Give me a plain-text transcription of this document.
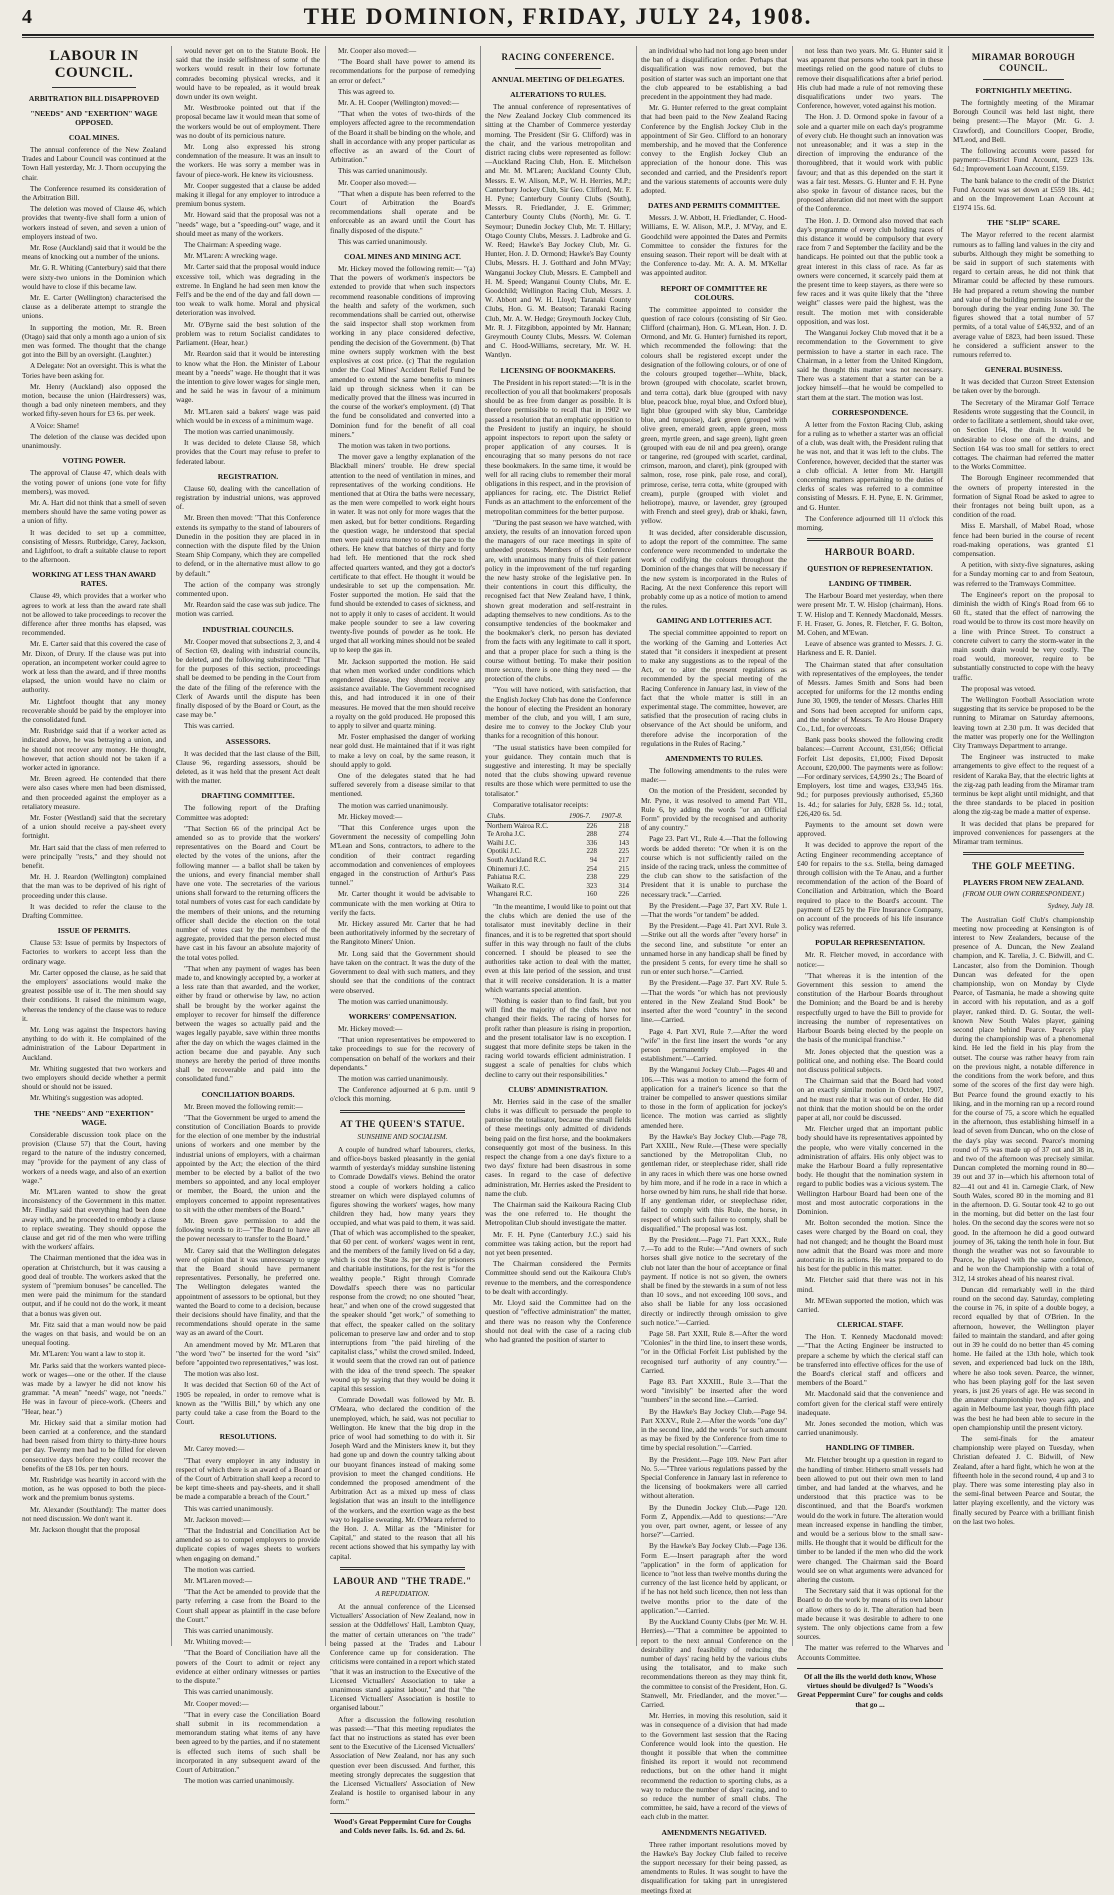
4	THE DOMINION, FRIDAY, JULY 24, 1908.
LABOUR IN COUNCIL.
ARBITRATION BILL DISAPPROVED
"NEEDS" AND "EXERTION" WAGE OPPOSED.
COAL MINES.

The annual conference of the New Zealand Trades and Labour Council was continued at the Town Hall yesterday, Mr. J. Thorn occupying the chair.

The Conference resumed its consideration of the Arbitration Bill.

The deletion was moved of Clause 46, which provides that twenty-five shall form a union of workers instead of seven, and seven a union of employers instead of two.

Mr. Rose (Auckland) said that it would be the means of knocking out a number of the unions.

Mr. G. R. Whiting (Canterbury) said that there were sixty-two unions in the Dominion which would have to close if this became law.

Mr. E. Carter (Wellington) characterised the clause as a deliberate attempt to strangle the unions.

In supporting the motion, Mr. R. Breen (Otago) said that only a month ago a union of six men was formed. The thought that the change got into the Bill by an oversight. (Laughter.)

A Delegate: Not an oversight. This is what the Tories have been asking for.

Mr. Henry (Auckland) also opposed the motion, because the union (Hairdressers) was, though a bad only nineteen members, and they worked fifty-seven hours for £3 6s. per week.

A Voice: Shame!

The deletion of the clause was decided upon unanimously.

VOTING POWER.

The approval of Clause 47, which deals with the voting power of unions (one vote for fifty members), was moved.

Mr. A. Hart did not think that a smell of seven members should have the same voting power as a union of fifty.

It was decided to set up a committee, consisting of Messrs. Rutbridge, Carey, Jackson, and Lightfoot, to draft a suitable clause to report to the afternoon.

WORKING AT LESS THAN AWARD RATES.

Clause 49, which provides that a worker who agrees to work at less than the award rate shall not be allowed to take proceedings to recover the difference after three months has elapsed, was recommended.

Mr. E. Carter said that this covered the case of Mr. Dixon, of Drury. If the clause was put into operation, an incompetent worker could agree to work at less than the award, and if three months elapsed, the union would have no claim or authority.

Mr. Lightfoot thought that any money recoverable should be paid by the employer into the consolidated fund.

Mr. Rusbridge said that if a worker acted as indicated above, he was betraying a union, and he should not recover any money. He thought, however, that action should not be taken if a worker acted in ignorance.

Mr. Breen agreed. He contended that there were also cases where men had been dismissed, and then proceeded against the employer as a retaliatory measure.

Mr. Foster (Westland) said that the secretary of a union should receive a pay-sheet every fortnight.

Mr. Hart said that the class of men referred to were principally "rests," and they should not benefit.

Mr. H. J. Reardon (Wellington) complained that the man was to be deprived of his right of proceeding under this clause.

It was decided to refer the clause to the Drafting Committee.

ISSUE OF PERMITS.

Clause 53: Issue of permits by Inspectors of Factories to workers to accept less than the ordinary wage.

Mr. Carter opposed the clause, as he said that the employers' associations would make the greatest possible use of it. The men should say their conditions. It raised the minimum wage, whereas the tendency of the clause was to reduce it.

Mr. Long was against the Inspectors having anything to do with it. He complained of the administration of the Labour Department in Auckland.

Mr. Whiting suggested that two workers and two employers should decide whether a permit should or should not be issued.

Mr. Whiting's suggestion was adopted.

THE "NEEDS" AND "EXERTION" WAGE.

Considerable discussion took place on the provision (Clause 57) that the Court, having regard to the nature of the industry concerned, may "provide for the payment of any class of workers of a needs wage, and also of an exertion wage."

Mr. M'Laren wanted to show the great inconsistency of the Government in this matter. Mr. Findlay said that everything had been done away with, and he proceeded to embody a clause to replace sweating. They should oppose the clause and get rid of the men who were trifling with the workers' affairs.

The Chairman mentioned that the idea was in operation at Christchurch, but it was causing a good deal of trouble. The workers asked that the system of "premium bonuses" be cancelled. The men were paid the minimum for the standard output, and if he could not do the work, it meant that a bonus was given out.

Mr. Fitz said that a man would now be paid the wages on that basis, and would be on an unequal footing.

Mr. M'Laren: You want a law to stop it.

Mr. Parks said that the workers wanted piece-work or wages—one or the other. If the clause was made by a lawyer he did not know his grammar. "A mean" "needs" wage, not "needs." He was in favour of piece-work. (Cheers and "Hear, hear.")

Mr. Hickey said that a similar motion had been carried at a conference, and the standard had been raised from thirty to thirty-three hours per day. Twenty men had to be filled for eleven consecutive days before they could recover the benefits of the £8 10s. per ten hours.

Mr. Rusbridge was heartily in accord with the motion, as he was opposed to both the piece-work and the premium bonus systems.

Mr. Alexander (Southland): The matter does not need discussion. We don't want it.

Mr. Jackson thought that the proposal

would never get on to the Statute Book. He said that the inside selfishness of some of the workers would result in their low fortunate comrades becoming physical wrecks, and it would have to be repealed, as it would break down under its own weight.

Mr. Westbrooke pointed out that if the proposal became law it would mean that some of the workers would be out of employment. There was no doubt of its pernicious nature.

Mr. Long also expressed his strong condemnation of the measure. It was an insult to the workers. He was sorry a member was in favour of piece-work. He knew its viciousness.

Mr. Cooper suggested that a clause be added making it illegal for any employer to introduce a premium bonus system.

Mr. Howard said that the proposal was not a "needs" wage, but a "speeding-out" wage, and it should meet as many of the workers.

The Chairman: A speeding wage.

Mr. M'Laren: A wrecking wage.

Mr. Carter said that the proposal would induce excessive toil, which was degrading in the extreme. In England he had seen men know the Fell's and be the end of the day and fall down — too weak to walk home. Moral and physical deterioration was involved.

Mr. O'Byrne said the best solution of the problem was to return Socialist candidates to Parliament. (Hear, hear.)

Mr. Reardon said that it would be interesting to know what the Hon. the Minister of Labour meant by a "needs" wage. He thought that it was the intention to give lower wages for single men, and he said he was in favour of a minimum wage.

Mr. M'Laren said a bakers' wage was paid which would be in excess of a minimum wage.

The motion was carried unanimously.

It was decided to delete Clause 58, which provides that the Court may refuse to prefer to federated labour.

REGISTRATION.

Clause 60, dealing with the cancellation of registration by industrial unions, was approved of.

Mr. Breen then moved: "That this Conference extends its sympathy to the stand of labourers of Dunedin in the position they are placed in in connection with the dispute filed by the Union Steam Ship Company, which they are compelled to defend, or in the alternative must allow to go by default."

The action of the company was strongly commented upon.

Mr. Reardon said the case was sub judice. The motion was carried.

INDUSTRIAL COUNCILS.

Mr. Cooper moved that subsections 2, 3, and 4 of Section 69, dealing with industrial councils, be deleted, and the following substituted: "That for the purposes of this section, proceedings shall be deemed to be pending in the Court from the date of the filing of the reference with the Clerk of Awards until the dispute has been finally disposed of by the Board or Court, as the case may be."

This was carried.

ASSESSORS.

It was decided that the last clause of the Bill, Clause 96, regarding assessors, should be deleted, as it was held that the present Act dealt with the matter.

DRAFTING COMMITTEE.

The following report of the Drafting Committee was adopted:

"That Section 66 of the principal Act be amended so as to provide that the workers' representatives on the Board and Court be elected by the votes of the unions, after the following manner — a ballot shall be taken by the unions, and every financial member shall have one vote. The secretaries of the various unions shall forward to the returning officers the total numbers of votes cast for each candidate by the members of their unions, and the returning officer shall decide the election on the total number of votes cast by the members of the aggregate, provided that the person elected must have cast in his favour an absolute majority of the total votes polled.

"That when any payment of wages has been made to, and knowingly accepted by, a worker at a less rate than that awarded, and the worker, either by fraud or otherwise by law, no action shall be brought by the worker against the employer to recover for himself the difference between the wages so actually paid and the wages legally payable, save within three months after the day on which the wages claimed in the action became due and payable. Any such moneys are hereby the period of three months shall be recoverable and paid into the consolidated fund."

CONCILIATION BOARDS.

Mr. Breen moved the following remit:—

"That the Government be urged to amend the constitution of Conciliation Boards to provide for the election of one member by the industrial unions of workers and one member by the industrial unions of employers, with a chairman appointed by the Act; the election of the third member to be elected by a ballot of the two members so appointed, and any local employer or member, the Board, the union and the employers concerned to appoint representatives to sit with the other members of the Board."

Mr. Breen gave permission to add the following words to it:—"The Board to have all the power necessary to transfer to the Board."

Mr. Carey said that the Wellington delegates were of opinion that it was unnecessary to urge that the Board should have permanent representatives. Personally, he preferred one. The Wellington delegates wanted the appointment of assessors to be optional, but they wanted the Board to come to a decision, because their decisions should have finality, and that the recommendations should operate in the same way as an award of the Court.

An amendment moved by Mr. M'Laren that "the word 'two'" be inserted for the word "six" before "appointed two representatives," was lost.

The motion was also lost.

It was decided that Section 60 of the Act of 1905 be repealed, in order to remove what is known as the "Willis Bill," by which any one party could take a case from the Board to the Court.

RESOLUTIONS.

Mr. Carey moved:—

"That every employer in any industry in respect of which there is an award of a Board or of the Court of Arbitration shall keep a record to be kept time-sheets and pay-sheets, and it shall be made a comparable a breach of the Court."

This was carried unanimously.

Mr. Jackson moved:—

"That the Industrial and Conciliation Act be amended so as to compel employers to provide duplicate copies of wages sheets to workers when engaging on demand."

The motion was carried.

Mr. M'Laren moved:—

"That the Act be amended to provide that the party referring a case from the Board to the Court shall appear as plaintiff in the case before the Court."

This was carried unanimously.

Mr. Whiting moved:—

"That the Board of Conciliation have all the powers of the Court to admit or reject any evidence at either ordinary witnesses or parties to the dispute."

This was carried unanimously.

Mr. Cooper moved:—

"That in every case the Conciliation Board shall submit in its recommendation a memorandum stating what items of any have been agreed to by the parties, and if no statement is effected such items of such shall be incorporated in any subsequent award of the Court of Arbitration."

The motion was carried unanimously.

Mr. Cooper also moved:—

"The Board shall have power to amend its recommendations for the purpose of remedying an error or defect."

This was agreed to.

Mr. A. H. Cooper (Wellington) moved:—

"That when the votes of two-thirds of the employers affected agree to the recommendation of the Board it shall be binding on the whole, and shall in accordance with any proper particular as effective as an award of the Court of Arbitration."

This was carried unanimously.

Mr. Cooper also moved:—

"That when a dispute has been referred to the Court of Arbitration the Board's recommendations shall operate and be enforceable as an award until the Court has finally disposed of the dispute."

This was carried unanimously.

COAL MINES AND MINING ACT.

Mr. Hickey moved the following remit:— "(a) That the powers of workmen's inspectors be extended to provide that when such inspectors recommend reasonable conditions of improving the health and safety of the workmen, such recommendations shall be carried out, otherwise the said inspector shall stop workmen from working in any place considered defective, pending the decision of the Government. (b) That mine owners supply workmen with the best explosives at cost price. (c) That the regulation under the Coal Mines' Accident Relief Fund be amended to extend the same benefits to miners laid up through sickness when it can be medically proved that the illness was incurred in the course of the worker's employment. (d) That the fund be consolidated and converted into a Dominion fund for the benefit of all coal miners."

The motion was taken in two portions.

The mover gave a lengthy explanation of the Blackball miners' trouble. He drew special attention to the need of ventilation in mines, and representatives of the working conditions. He mentioned that at Otira the baths were necessary, as the men were compelled to work eight hours in water. It was not only for more wages that the men asked, but for better conditions. Regarding the question wage, he understood that special men were paid extra money to set the pace to the others. He knew that batches of thirty and forty had left. He mentioned that the rock shed affected quarters wanted, and they got a doctor's certificate to that effect. He thought it would be undesirable to set up the compensation. Mr. Foster supported the motion. He said that the fund should be extended to cases of sickness, and not to apply it only to cases of accident. It would make people sounder to see a law covering twenty-five pounds of powder as he took. He urged that all working mines should not be sealed up to keep the gas in.

Mr. Jackson supported the motion. He said that when men worked under conditions which engendered disease, they should receive any assistance available. The Government recognised this, and had introduced it in one of their measures. He moved that the men should receive a royalty on the gold produced. He proposed this to apply to silver and quartz mining.

Mr. Foster emphasised the danger of working near gold dust. He maintained that if it was right to make a levy on coal, by the same reason, it should apply to gold.

One of the delegates stated that he had suffered severely from a disease similar to that mentioned.

The motion was carried unanimously.

Mr. Hickey moved:—

"That this Conference urges upon the Government the necessity of compelling John M'Lean and Sons, contractors, to adhere to the condition of their contract regarding accommodation and conveniences of employees engaged in the construction of Arthur's Pass tunnel."

Mr. Carter thought it would be advisable to communicate with the men working at Otira to verify the facts.

Mr. Hickey assured Mr. Carter that he had been authoritatively informed by the secretary of the Rangitoto Miners' Union.

Mr. Long said that the Government should have taken on the contract. It was the duty of the Government to deal with such matters, and they should see that the conditions of the contract were observed.

The motion was carried unanimously.

WORKERS' COMPENSATION.

Mr. Hickey moved:—

"That union representatives be empowered to take proceedings to sue for the recovery of compensation on behalf of the workers and their dependants."

The motion was carried unanimously.

The Conference adjourned at 6 p.m. until 9 o'clock this morning.

AT THE QUEEN'S STATUE.
SUNSHINE AND SOCIALISM.

A couple of hundred wharf labourers, clerks, and office-boys basked pleasantly in the genial warmth of yesterday's midday sunshine listening to Comrade Dowdall's views. Behind the orator stood a couple of workers holding a calico streamer on which were displayed columns of figures showing the workers' wages, how many children they had, how many years they occupied, and what was paid to them, it was said. (That of which was accomplished to the speaker, that 60 per cent. of workers' wages went in rent, and the members of the family lived on 6d a day, which is cost the State 3s. per day for prisoners and charitable institutions, for the rest is "for the wealthy people." Right through Comrade Dowdall's speech there was no particular response from the crowd; no one shouted "hear, hear," and when one of the crowd suggested that the speaker should "get work," of something to that effect, the speaker called on the solitary policeman to preserve law and order and to stop interruptions from "the paid hireling of the capitalist class," whilst the crowd smiled. Indeed, it would seem that the crowd ran out of patience with the idea of the trend speech. The speaker wound up by saying that they would be doing it capital this session.

Comrade Dowdall was followed by Mr. B. O'Meara, who declared the condition of the unemployed, which, he said, was not peculiar to Wellington. He knew that the big drop in the price of wool had something to do with it. Sir Joseph Ward and the Ministers knew it, but they had gone up and down the country talking about our buoyant finances instead of making some provision to meet the changed conditions. He condemned the proposed amendment of the Arbitration Act as a mixed up mess of class legislation that was an insult to the intelligence of the workers, and the exertion wage as the best way to legalise sweating. Mr. O'Meara referred to the Hon. J. A. Millar as the "Minister for Capital," and stated to the reason that all his recent actions showed that his sympathy lay with capital.

LABOUR AND "THE TRADE."
A REPUDIATION.

At the annual conference of the Licensed Victuallers' Association of New Zealand, now in session at the Oddfellows' Hall, Lambton Quay, the matter of certain utterances on "the trade" being passed at the Trades and Labour Conference came up for consideration. The criticisms were contained in a report which stated "that it was an instruction to the Executive of the Licensed Victuallers' Association to take a unanimous stand against labour," and that "the Licensed Victuallers' Association is hostile to organised labour."

After a discussion the following resolution was passed:—"That this meeting repudiates the fact that no instructions as stated has ever been sent to the Executive of the Licensed Victuallers' Association of New Zealand, nor has any such question ever been discussed. And further, this meeting strongly deprecates the suggestion that the Licensed Victuallers' Association of New Zealand is hostile to organised labour in any form."

Wood's Great Peppermint Cure for Coughs and Colds never fails. 1s. 6d. and 2s. 6d.
RACING CONFERENCE.
ANNUAL MEETING OF DELEGATES.
ALTERATIONS TO RULES.

The annual conference of representatives of the New Zealand Jockey Club commenced its sitting at the Chamber of Commerce yesterday morning. The President (Sir G. Clifford) was in the chair, and the various metropolitan and district racing clubs were represented as follow:—Auckland Racing Club, Hon. E. Mitchelson and Mr. M. M'Laren; Auckland County Club, Messrs. E. W. Alison, M.P., W. H. Herries, M.P.; Canterbury Jockey Club, Sir Geo. Clifford, Mr. F. H. Pyne; Canterbury County Clubs (South), Messrs. R. Friedlander, J. E. Grimmer; Canterbury County Clubs (North), Mr. G. T. Seymour; Dunedin Jockey Club, Mr. T. Hillary; Otago County Clubs, Messrs. J. Ladbroke and G. W. Reed; Hawke's Bay Jockey Club, Mr. G. Hunter, Hon. J. D. Ormond; Hawke's Bay County Clubs, Messrs. H. J. Gotthard and John M'Vay; Wanganui Jockey Club, Messrs. E. Campbell and H. M. Speed; Wanganui County Clubs, Mr. E. Goodchild; Wellington Racing Club, Messrs. J. W. Abbott and W. H. Lloyd; Taranaki County Clubs, Hon. G. M. Beatson; Taranaki Racing Club, Mr. A. W. Hedge; Greymouth Jockey Club, Mr. R. J. Fitzgibbon, appointed by Mr. Hannan; Greymouth County Clubs, Messrs. W. Coleman and C. Hood-Williams, secretary, Mr. W. H. Wantlyn.

LICENSING OF BOOKMAKERS.

The President in his report stated:—"It is in the recollection of you all that bookmakers' proposals should be as free from danger as possible. It is therefore permissible to recall that in 1902 we passed a resolution that an emphatic opposition to the President to justify an inquiry, he should appoint inspectors to report upon the safety or proper application of any courses. It is encouraging that so many persons do not race these bookmakers. In the same time, it would be well for all racing clubs to remember their moral obligations in this respect, and in the provision of appliances for racing, etc. The District Relief Funds as an attachment to the enforcement of the metropolitan committees for the better purpose.

"During the past season we have watched, with anxiety, the results of an innovation forced upon the managers of our race meetings in spite of unheeded protests. Members of this Conference are, with unanimous many fruits of their patient policy in the improvement of the turf regarding the new hasty stroke of the legislative pen. In their contentions in court this difficulty, the recognised fact that New Zealand have, I think, shown great moderation and self-restraint in adapting themselves to new conditions. As to the consumptive tendencies of the bookmaker and the bookmaker's clerk, no person has deviated from the facts with any legitimate to call it sport, and that a proper place for such a thing is the course without betting. To make their position more secure, there is one thing they need — the protection of the clubs.

"You will have noticed, with satisfaction, that the English Jockey Club has done the Conference the honour of electing the President an honorary member of the club, and you will, I am sure, desire me to convey to the Jockey Club your thanks for a recognition of this honour.

"The usual statistics have been compiled for your guidance. They contain much that is suggestive and interesting. It may be specially noted that the clubs showing upward revenue results are those which were permitted to use the totalisator."

Comparative totalisator receipts:

Clubs.	1906-7.	1907-8.
Northern Wairoa R.C.	226	218
Te Aroha J.C.	288	274
Waihi J.C.	336	143
Opotiki J.C.	228	225
South Auckland R.C.	94	217
Ohinemuri J.C.	254	215
Pahiatua R.C.	238	229
Waikato R.C.	323	314
Whangarei R.C.	160	226

"In the meantime, I would like to point out that the clubs which are denied the use of the totalisator must inevitably decline in their finances, and it is to be regretted that sport should suffer in this way through no fault of the clubs concerned. I should be pleased to see the authorities take action to deal with the matter, even at this late period of the session, and trust that it will receive consideration. It is a matter which warrants special attention.

"Nothing is easier than to find fault, but you will find the majority of the clubs have not changed their fields. The racing of horses for profit rather than pleasure is rising in proportion, and the present totalisator law is no exception. I suggest that more definite steps be taken in the racing world towards efficient administration. I suggest a scale of penalties for clubs which decline to carry out their responsibilities."

CLUBS' ADMINISTRATION.

Mr. Herries said in the case of the smaller clubs it was difficult to persuade the people to patronise the totalisator, because the small fields of these meetings only admitted of dividends being paid on the first horse, and the bookmakers consequently got most of the business. In this respect the change from a one day's fixture to a two days' fixture had been disastrous in some cases. In regard to the case of defective administration, Mr. Herries asked the President to name the club.

The Chairman said the Kaikoura Racing Club was the one referred to. He thought the Metropolitan Club should investigate the matter.

Mr. F. H. Pyne (Canterbury J.C.) said his committee was taking action, but the report had not yet been presented.

The Chairman considered the Permits Committee should send out the Kaikoura Club's revenue to the members, and the correspondence to be dealt with accordingly.

Mr. Lloyd said the Committee had on the question of "effective administration" the matter, and there was no reason why the Conference should not deal with the case of a racing club who had granted the position of starter to

an individual who had not long ago been under the ban of a disqualification order. Perhaps that disqualification was now removed, but the position of starter was such an important one that the club appeared to be establishing a bad precedent in the appointment they had made.

Mr. G. Hunter referred to the great complaint that had been paid to the New Zealand Racing Conference by the English Jockey Club in the appointment of Sir Geo. Clifford to an honorary membership, and he moved that the Conference convey to the English Jockey Club an appreciation of the honour done. This was seconded and carried, and the President's report and the various statements of accounts were duly adopted.

DATES AND PERMITS COMMITTEE.

Messrs. J. W. Abbott, H. Friedlander, C. Hood-Williams, E. W. Alison, M.P., J. M'Vay, and E. Goodchild were appointed the Dates and Permits Committee to consider the fixtures for the ensuing season. Their report will be dealt with at the Conference to-day. Mr. A. A. M. M'Kellar was appointed auditor.

REPORT OF COMMITTEE RE COLOURS.

The committee appointed to consider the question of race colours (consisting of Sir Geo. Clifford (chairman), Hon. G. M'Lean, Hon. J. D. Ormond, and Mr. G. Hunter) furnished its report, which recommended the following: that the colours shall be registered except under the designation of the following colours, or of one of the colours grouped together—White, black, brown (grouped with chocolate, scarlet brown, and terra cotta), dark blue (grouped with navy blue, peacock blue, royal blue, and Oxford blue), light blue (grouped with sky blue, Cambridge blue, and turquoise), dark green (grouped with olive green, emerald green, apple green, moss green, myrtle green, and sage green), light green (grouped with eau de nil and pea green), orange or tangerine, red (grouped with scarlet, cardinal, crimson, maroon, and claret), pink (grouped with salmon, rose, rose pink, pale rose, and coral), primrose, cerise, terra cotta, white (grouped with cream), purple (grouped with violet and heliotrope), mauve, or lavender, grey (grouped with French and steel grey), drab or khaki, fawn, yellow.

It was decided, after considerable discussion, to adopt the report of the committee. The same conference were recommended to undertake the work of codifying the colours throughout the Dominion of the changes that will be necessary if the new system is incorporated in the Rules of Racing. At the next Conference this report will probably come up as a notice of motion to amend the rules.

GAMING AND LOTTERIES ACT.

The special committee appointed to report on the working of the Gaming and Lotteries Act stated that "it considers it inexpedient at present to make any suggestions as to the repeal of the Act, or to alter the present regulations as recommended by the special meeting of the Racing Conference in January last, in view of the fact that the whole matter is still in an experimental stage. The committee, however, are satisfied that the prosecution of racing clubs in observance of the Act should be uniform, and therefore advise the incorporation of the regulations in the Rules of Racing."

AMENDMENTS TO RULES.

The following amendments to the rules were made:—

On the motion of the President, seconded by Mr. Pyne, it was resolved to amend Part VII., Rule 6, by adding the words "or an Official Form" provided by the recognised and authority of any country."

Page 23. Part VI., Rule 4.—That the following words be added thereto: "Or when it is on the course which is not sufficiently railed on the inside of the racing track, unless the committee of the club can show to the satisfaction of the President that it is unable to purchase the necessary track."—Carried.

By the President.—Page 37, Part XV. Rule 1.—That the words "or tandem" be added.

By the President.—Page 41. Part XVI. Rule 3.—Strike out all the words after "every horse" in the second line, and substitute "or enter an unnamed horse in any handicap shall be fined by the president 5 cents, for every time he shall so run or enter such horse."—Carried.

By the President.—Page 37. Part XV. Rule 5.—That the words "or which has not previously entered in the New Zealand Stud Book" be inserted after the word "country" in the second line.—Carried.

Page 4. Part XVI, Rule 7.—After the word "wife" in the first line insert the words "or any person permanently employed in the establishment."—Carried.

By the Wanganui Jockey Club.—Pages 40 and 106.—This was a motion to amend the form of application for a trainer's licence so that the trainer be compelled to answer questions similar to those in the form of application for jockey's licence. The motion was carried as slightly amended here.

By the Hawke's Bay Jockey Club.—Page 78, Part XXIII., New Rule.—(These were specially sanctioned by the Metropolitan Club, no gentleman rider, or steeplechase rider, shall ride in any races in which there was one horse owned by him more, and if he rode in a race in which a horse owned by him runs, he shall ride that horse. If any gentleman rider, or steeplechase rider, failed to comply with this Rule, the horse, in respect of which such failure to comply, shall be disqualified." The proposal was lost.

By the President.—Page 71. Part XXX., Rule 7.—To add to the Rule:—"And owners of such horses shall give notice to the secretary of the club not later than the hour of acceptance or final payment. If notice is not so given, the owners shall be fined by the stewards in a sum of not less than 10 sovs., and not exceeding 100 sovs., and also shall be liable for any loss occasioned directly or indirectly through omission to give such notice."—Carried.

Page 58. Part XXII, Rule 8.—After the word "Colonies" in the third line, to insert these words, "or in the Official Forfeit List published by the recognised turf authority of any country."—Carried.

Page 83. Part XXXIII., Rule 3.—That the word "invisibly" be inserted after the word "numbers" in the second line.—Carried.

By the Hawke's Bay Jockey Club.—Page 94. Part XXXV., Rule 2.—After the words "one day" in the second line, add the words "or such amount as may be fixed by the Conference from time to time by special resolution."—Carried.

By the President.—Page 109. New Part after No. 5.—"Three various regulations passed by the Special Conference in January last in reference to the licensing of bookmakers were all carried without alteration.

By the Dunedin Jockey Club.—Page 120. Form Z, Appendix.—Add to questions:—"Are you over, part owner, agent, or lessee of any horse?"—Carried.

By the Hawke's Bay Jockey Club.—Page 136. Form E.—Insert paragraph after the word "application" in the form of application for licence to "not less than twelve months during the currency of the last licence held by applicant, or if he has not held such licence, then not less than twelve months prior to the date of the application."—Carried.

By the Auckland County Clubs (per Mr. W. H. Herries).—"That a committee be appointed to report to the next annual Conference on the desirability and feasibility of reducing the number of days' racing held by the various clubs using the totalisator, and to make such recommendations thereon as they may think fit, the committee to consist of the President, Hon. G. Stanwell, Mr. Friedlander, and the mover."—Carried.

Mr. Herries, in moving this resolution, said it was in consequence of a division that had made to the Government last session that the Racing Conference would look into the question. He thought it possible that when the committee finished its report it would not recommend reductions, but on the other hand it might recommend the reduction to sporting clubs, as a way to reduce the number of days' racing, and to so reduce the number of small clubs. The committee, he said, have a record of the views of each club in the matter.

AMENDMENTS NEGATIVED.

Three rather important resolutions moved by the Hawke's Bay Jockey Club failed to receive the support necessary for their being passed, as amendments to Rules. It was sought to have the disqualification for taking part in unregistered meetings fixed at

not less than two years. Mr. G. Hunter said it was apparent that persons who took part in these meetings relied on the good nature of clubs to remove their disqualifications after a brief period. His club had made a rule of not removing these disqualifications under two years. The Conference, however, voted against his motion.

The Hon. J. D. Ormond spoke in favour of a sole and a quarter mile on each day's programme of every club. He thought such an innovation was not unreasonable; and it was a step in the direction of improving the endurance of the thoroughbred, that it would work with public favour; and that as this depended on the start it was a fair test. Messrs. G. Hunter and F. H. Pyne also spoke in favour of distance races, but the proposed alteration did not meet with the support of the Conference.

The Hon. J. D. Ormond also moved that each day's programme of every club holding races of this distance it would be compulsory that every race from 7 and September the facility and be the handicaps. He pointed out that the public took a great interest in this class of race. As far as owners were concerned, it scarcely paid them at the present time to keep stayers, as there were so few races and it was quite likely that the "three weight" classes were paid the highest, was the result. The motion met with considerable opposition, and was lost.

The Wanganui Jockey Club moved that it be a recommendation to the Government to give permission to have a starter in each race. The Chairman, in a letter from the United Kingdom, said he thought this matter was not necessary. There was a statement that a starter can be a jockey himself—that he would be compelled to start them at the start. The motion was lost.

CORRESPONDENCE.

A letter from the Foxton Racing Club, asking for a ruling as to whether a starter was an official of a club, was dealt with, the President ruling that he was not, and that it was left to the clubs. The Conference, however, decided that the starter was a club official. A letter from Mr. Hartgill concerning matters appertaining to the duties of clerks of scales was referred to a committee consisting of Messrs. F. H. Pyne, E. N. Grimmer, and G. Hunter.

The Conference adjourned till 11 o'clock this morning.

HARBOUR BOARD.
QUESTION OF REPRESENTATION.
LANDING OF TIMBER.

The Harbour Board met yesterday, when there were present Mr. T. W. Hislop (chairman), Hons. T. W. Hislop and T. Kennedy Macdonald, Messrs. F. H. Fraser, G. Jones, R. Fletcher, F. G. Bolton, M. Cohen, and M'Ewan.

Leave of absence was granted to Messrs. J. G. Harkness and E. R. Daniel.

The Chairman stated that after consultation with representatives of the employees, the tender of Messrs. James Smith and Sons had been accepted for uniforms for the 12 months ending June 30, 1909, the tender of Messrs. Charles Hill and Sons had been accepted for uniform caps, and the tender of Messrs. Te Aro House Drapery Co., Ltd., for overcoats.

Bank pass books showed the following credit balances:—Current Account, £31,056; Official Forfeit List deposits, £1,000; Fixed Deposit Account, £20,000. The payments were as follow:—For ordinary services, £4,990 2s.; The Board of Employers, lost time and wages, £33,945 16s. 9d.; for purposes previously authorised, £5,360 1s. 4d.; for salaries for July, £828 5s. 1d.; total, £26,420 6s. 5d.

Payments to the amount set down were approved.

It was decided to approve the report of the Acting Engineer recommending acceptance of £40 for repairs to the s.s. Stella, being damaged through collision with the Te Anau, and a further recommendation of the action of the Board of Conciliation and Arbitration, which the Board required to place to the Board's account. The payment of £25 by the Fire Insurance Company, on account of the proceeds of his life insurance policy was referred.

POPULAR REPRESENTATION.

Mr. R. Fletcher moved, in accordance with notice:—

"That whereas it is the intention of the Government this session to amend the constitution of the Harbour Boards throughout the Dominion; and the Board be and is hereby respectfully urged to have the Bill to provide for increasing the number of representatives on Harbour Boards being elected by the people on the basis of the municipal franchise."

Mr. Jones objected that the question was a political one, and nothing else. The Board could not discuss political subjects.

The Chairman said that the Board had voted on an exactly similar motion in October, 1907, and he must rule that it was out of order. He did not think that the motion should be on the order paper at all, nor could be discussed.

Mr. Fletcher urged that an important public body should have its representatives appointed by the people, who were vitally concerned in the administration of affairs. His only object was to make the Harbour Board a fully representative body. He thought that the nomination system in regard to public bodies was a vicious system. The Wellington Harbour Board had been one of the most and most autocratic corporations in the Dominion.

Mr. Bolton seconded the motion. Since the cases were charged by the Board on coal, they had not changed; and he thought the Board must now admit that the Board was more and more autocratic in its actions. He was prepared to do his best for the public in this matter.

Mr. Fletcher said that there was not in his mind.

Mr. M'Ewan supported the motion, which was carried.

CLERICAL STAFF.

The Hon. T. Kennedy Macdonald moved:—"That the Acting Engineer be instructed to prepare a scheme by which the clerical staff can be transferred into effective offices for the use of the Board's clerical staff and officers and members of the Board."

Mr. Macdonald said that the convenience and comfort given for the clerical staff were entirely inadequate.

Mr. Jones seconded the motion, which was carried unanimously.

HANDLING OF TIMBER.

Mr. Fletcher brought up a question in regard to the handling of timber. Hitherto small vessels had been allowed to put out their own men to land timber, and had landed at the wharves, and he understood that this practice was to be discontinued, and that the Board's workmen would do the work in future. The alteration would mean increased expense in handling the timber, and would be a serious blow to the small saw-mills. He thought that it would be difficult for the timber to be landed if the men who did the work were changed. The Chairman said the Board would see on what arguments were advanced for altering the custom.

The Secretary said that it was optional for the Board to do the work by means of its own labour or allow others to do it. The alteration had been made because it was desirable to adhere to one system. The only objections came from a few sources.

The matter was referred to the Wharves and Accounts Committee.

Of all the ills the world doth know, Whose virtues should be divulged? Is "Woods's Great Peppermint Cure" for coughs and colds that go ...
MIRAMAR BOROUGH COUNCIL.
FORTNIGHTLY MEETING.

The fortnightly meeting of the Miramar Borough Council was held last night, there being present:—The Mayor (Mr. G. J. Crawford), and Councillors Cooper, Brodie, M'Leod, and Bell.

The following accounts were passed for payment:—District Fund Account, £223 13s. 6d.; Improvement Loan Account, £159.

The bank balance to the credit of the District Fund Account was set down at £559 18s. 4d.; and on the Improvement Loan Account at £1974 15s. 6d.

THE "SLIP" SCARE.

The Mayor referred to the recent alarmist rumours as to falling land values in the city and suburbs. Although they might be something to be said in support of such statements with regard to certain areas, he did not think that Miramar could be affected by these rumours. He had prepared a return showing the number and value of the building permits issued for the borough during the year ending June 30. The figures showed that a total number of 57 permits, of a total value of £46,932, and of an average value of £823, had been issued. These he considered a sufficient answer to the rumours referred to.

GENERAL BUSINESS.

It was decided that Curzon Street Extension be taken over by the borough.

The Secretary of the Miramar Golf Terrace Residents wrote suggesting that the Council, in order to facilitate a settlement, should take over, on Section 164, the drain. It would be undesirable to close one of the drains, and Section 164 was too small for settlers to erect cottages. The chairman had referred the matter to the Works Committee.

The Borough Engineer recommended that the owners of property interested in the formation of Signal Road be asked to agree to their frontages not being built upon, as a condition of the road.

Miss E. Marshall, of Mabel Road, whose fence had been buried in the course of recent road-making operations, was granted £1 compensation.

A petition, with sixty-five signatures, asking for a Sunday morning car to and from Seatoun, was referred to the Tramways Committee.

The Engineer's report on the proposal to diminish the width of King's Road from 66 to 60 ft., stated that the effect of narrowing the road would be to throw its cost more heavily on a line with Prince Street. To construct a concrete culvert to carry the storm-water in the main south drain would be very costly. The road would, moreover, require to be substantially constructed to cope with the heavy traffic.

The proposal was vetoed.

The Wellington Football Association wrote suggesting that its service be proposed to be the running to Miramar on Saturday afternoons, leaving town at 2.30 p.m. It was decided that the matter was properly one for the Wellington City Tramways Department to arrange.

The Engineer was instructed to make arrangements to give effect to the request of a resident of Karaka Bay, that the electric lights at the zig-zag path leading from the Miramar tram terminus be kept alight until midnight, and that the three standards to be placed in position along the zig-zag be made a matter of expense.

It was decided that plans be prepared for improved conveniences for passengers at the Miramar tram terminus.

THE GOLF MEETING.
PLAYERS FROM NEW ZEALAND.
(FROM OUR OWN CORRESPONDENT.)
Sydney, July 18.

The Australian Golf Club's championship meeting now proceeding at Kensington is of interest to New Zealanders, because of the presence of A. Duncan, the New Zealand champion, and K. Tarelia, J. C. Bidwill, and C. Lancaster, also from the Dominion. Though Duncan was defeated for the open championship, won on Monday by Clyde Pearce, of Tasmania, he made a showing quite in accord with his reputation, and as a golf player, ranked third. D. G. Soutar, the well-known New South Wales player, gaining second place behind Pearce. Pearce's play during the championship was of a phenomenal kind. He led the field in his play from the outset. The course was rather heavy from rain on the previous night, a notable difference in the conditions from the work before, and thus some of the scores of the first day were high. But Pearce found the ground exactly to his liking, and in the morning ran up a record round for the course of 75, a score which he equalled in the afternoon, thus establishing himself in a lead of seven from Duncan, who on the close of the day's play was second. Pearce's morning round of 75 was made up of 37 out and 38 in, and two of the afternoon was precisely similar. Duncan completed the morning round in 80—39 out and 37 in—which his afternoon total of 82—41 out and 41 in. Carnegie Clark, of New South Wales, scored 80 in the morning and 81 in the afternoon. D. G. Soutar took 42 to go out in the morning, but did better on the last four holes. On the second day the scores were not so good. In the afternoon he did a good outward journey of 36, taking the tenth hole in four. But though the weather was not so favourable to Pearce, he played with the same confidence, and he won the Championship with a total of 312, 14 strokes ahead of his nearest rival.

Duncan did remarkably well in the third round on the second day. Saturday, completing the course in 76, in spite of a double bogey, a record equalled by that of O'Brien. In the afternoon, however, the Wellington player failed to maintain the standard, and after going out in 39 he could do no better than 45 coming home. He failed at the 13th hole, which took seven, and experienced bad luck on the 18th, where he also took seven. Pearce, the winner, who has been playing golf for the last seven years, is just 26 years of age. He was second in the amateur championship two years ago, and again in Melbourne last year, though fifth place was the best he had been able to secure in the open championship until the present victory.

The semi-finals for the amateur championship were played on Tuesday, when Christian defeated J. C. Bidwill, of New Zealand, after a hard fight, which he won at the fifteenth hole in the second round, 4 up and 3 to play. There was some interesting play also in the semi-final between Pearce and Soutar, the latter playing excellently, and the victory was finally secured by Pearce with a brilliant finish on the last two holes.
